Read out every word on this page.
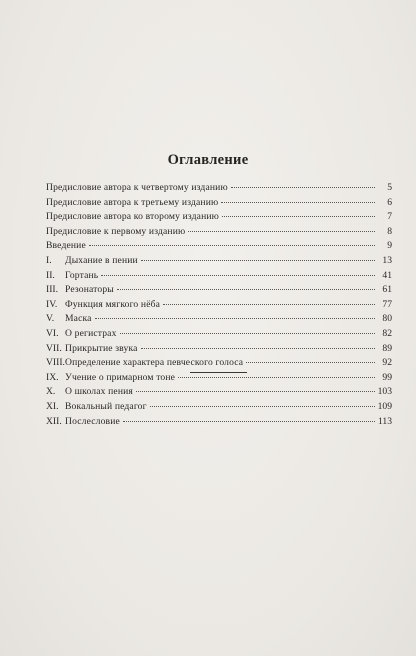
Оглавление
Предисловие автора к четвертому изданию	5
Предисловие автора к третьему изданию	6
Предисловие автора ко второму изданию	7
Предисловие к первому изданию	8
Введение	9
I.	Дыхание в пении	13
II.	Гортань	41
III. Резонаторы	61
IV. Функция мягкого нёба	77
V.	Маска	80
VI. О регистрах	82
VII. Прикрытие звука	89
VIII. Определение характера певческого голоса	92
IX. Учение о примарном тоне	99
X.	О школах пения	103
XI. Вокальный педагог	109
XII. Послесловие	113
